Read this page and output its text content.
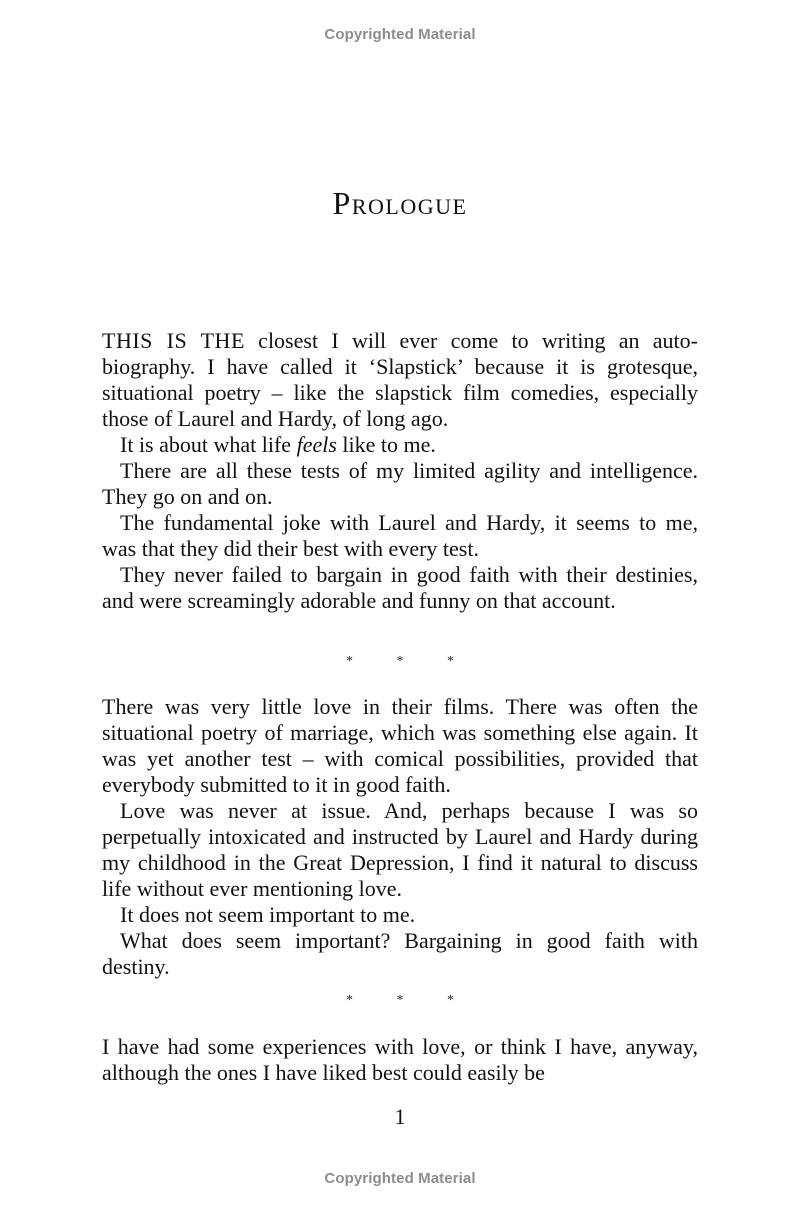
Copyrighted Material
Prologue

THIS IS THE closest I will ever come to writing an auto-biography. I have called it ‘Slapstick’ because it is grotesque, situational poetry – like the slapstick film comedies, especially those of Laurel and Hardy, of long ago.

It is about what life feels like to me.

There are all these tests of my limited agility and intelligence. They go on and on.

The fundamental joke with Laurel and Hardy, it seems to me, was that they did their best with every test.

They never failed to bargain in good faith with their destinies, and were screamingly adorable and funny on that account.

* * *

There was very little love in their films. There was often the situational poetry of marriage, which was something else again. It was yet another test – with comical possibilities, provided that everybody submitted to it in good faith.

Love was never at issue. And, perhaps because I was so perpetually intoxicated and instructed by Laurel and Hardy during my childhood in the Great Depression, I find it natural to discuss life without ever mentioning love.

It does not seem important to me.

What does seem important? Bargaining in good faith with destiny.

* * *

I have had some experiences with love, or think I have, anyway, although the ones I have liked best could easily be

1
Copyrighted Material
